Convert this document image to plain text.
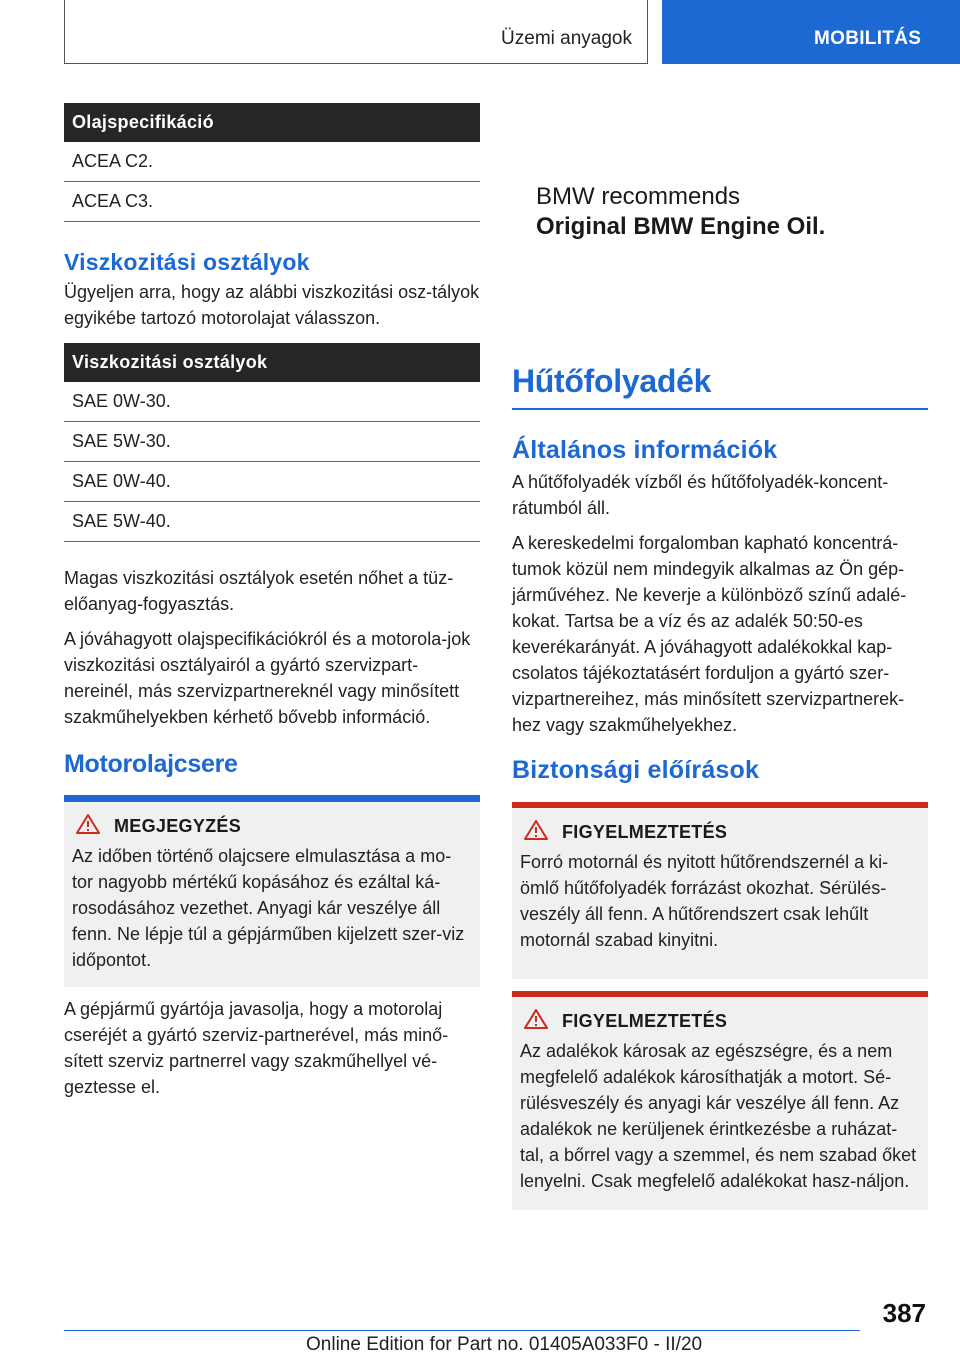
Üzemi anyagok	MOBILITÁS
Olajspecifikáció
ACEA C2.
ACEA C3.
Viszkozitási osztályok

Ügyeljen arra, hogy az alábbi viszkozitási osz‐tályok egyikébe tartozó motorolajat válasszon.

Viszkozitási osztályok
SAE 0W-30.
SAE 5W-30.
SAE 0W-40.
SAE 5W-40.

Magas viszkozitási osztályok esetén nőhet a tüz‐előanyag-fogyasztás.

A jóváhagyott olajspecifikációkról és a motorola‐jok viszkozitási osztályairól a gyártó szervizpart‐nereinél, más szervizpartnereknél vagy minősített szakműhelyekben kérhető bővebb információ.

Motorolajcsere
MEGJEGYZÉS

Az időben történő olajcsere elmulasztása a mo‐tor nagyobb mértékű kopásához és ezáltal ká‐rosodásához vezethet. Anyagi kár veszélye áll fenn. Ne lépje túl a gépjárműben kijelzett szer‐viz időpontot.

A gépjármű gyártója javasolja, hogy a motorolaj cseréjét a gyártó szerviz-partnerével, más minő‐sített szerviz partnerrel vagy szakműhellyel vé‐geztesse el.

BMW recommends
Original BMW Engine Oil.
Hűtőfolyadék
Általános információk

A hűtőfolyadék vízből és hűtőfolyadék-koncent‐rátumból áll.

A kereskedelmi forgalomban kapható koncentrá‐tumok közül nem mindegyik alkalmas az Ön gép‐járművéhez. Ne keverje a különböző színű adalé‐kokat. Tartsa be a víz és az adalék 50:50-es keverékarányát. A jóváhagyott adalékokkal kap‐csolatos tájékoztatásért forduljon a gyártó szer‐vizpartnereihez, más minősített szervizpartnerek‐hez vagy szakműhelyekhez.

Biztonsági előírások
FIGYELMEZTETÉS

Forró motornál és nyitott hűtőrendszernél a ki‐ömlő hűtőfolyadék forrázást okozhat. Sérülés‐veszély áll fenn. A hűtőrendszert csak lehűlt motornál szabad kinyitni.

FIGYELMEZTETÉS

Az adalékok károsak az egészségre, és a nem megfelelő adalékok károsíthatják a motort. Sé‐rülésveszély és anyagi kár veszélye áll fenn. Az adalékok ne kerüljenek érintkezésbe a ruházat‐tal, a bőrrel vagy a szemmel, és nem szabad őket lenyelni. Csak megfelelő adalékokat hasz‐náljon.

387
Online Edition for Part no. 01405A033F0 - II/20
